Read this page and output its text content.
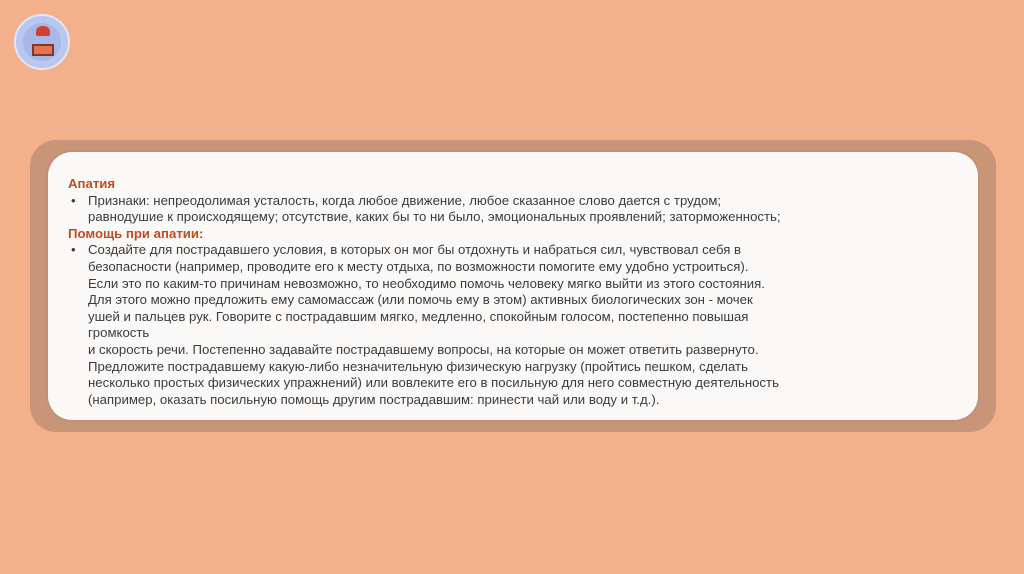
Апатия

• Признаки: непреодолимая усталость, когда любое движение, любое сказанное слово дается с трудом;
равнодушие к происходящему; отсутствие, каких бы то ни было, эмоциональных проявлений; заторможенность;

Помощь при апатии:

• Создайте для пострадавшего условия, в которых он мог бы отдохнуть и набраться сил, чувствовал себя в
безопасности (например, проводите его к месту отдыха, по возможности помогите ему удобно устроиться).
Если это по каким-то причинам невозможно, то необходимо помочь человеку мягко выйти из этого состояния.
Для этого можно предложить ему самомассаж (или помочь ему в этом) активных биологических зон - мочек
ушей и пальцев рук. Говорите с пострадавшим мягко, медленно, спокойным голосом, постепенно повышая
громкость
и скорость речи. Постепенно задавайте пострадавшему вопросы, на которые он может ответить развернуто.
Предложите пострадавшему какую-либо незначительную физическую нагрузку (пройтись пешком, сделать
несколько простых физических упражнений) или вовлеките его в посильную для него совместную деятельность
(например, оказать посильную помощь другим пострадавшим: принести чай или воду и т.д.).
